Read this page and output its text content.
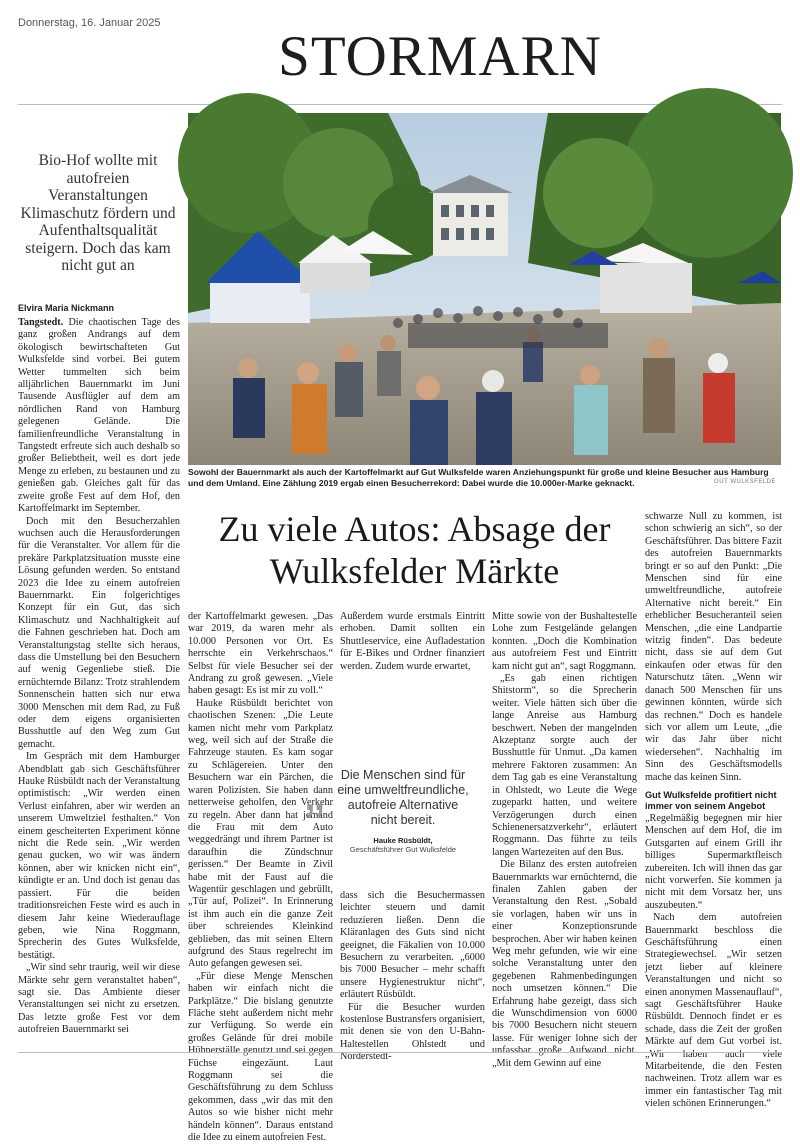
Donnerstag, 16. Januar 2025
STORMARN
Bio-Hof wollte mit autofreien Veranstaltungen Klimaschutz fördern und Aufenthaltsqualität steigern. Doch das kam nicht gut an
Elvira Maria Nickmann

Tangstedt. Die chaotischen Tage des ganz großen Andrangs auf dem ökologisch bewirtschafteten Gut Wulksfelde sind vorbei. Bei gutem Wetter tummelten sich beim alljährlichen Bauernmarkt im Juni Tausende Ausflügler auf dem am nördlichen Rand von Hamburg gelegenen Gelände. Die familienfreundliche Veranstaltung in Tangstedt erfreute sich auch deshalb so großer Beliebtheit, weil es dort jede Menge zu erleben, zu bestaunen und zu genießen gab. Gleiches galt für das zweite große Fest auf dem Hof, den Kartoffelmarkt im September.

Doch mit den Besucherzahlen wuchsen auch die Herausforderungen für die Veranstalter. Vor allem für die prekäre Parkplatzsituation musste eine Lösung gefunden werden. So entstand 2023 die Idee zu einem autofreien Bauernmarkt. Ein folgerichtiges Konzept für ein Gut, das sich Klimaschutz und Nachhaltigkeit auf die Fahnen geschrieben hat. Doch am Veranstaltungstag stellte sich heraus, dass die Umstellung bei den Besuchern auf wenig Gegenliebe stieß. Die ernüchternde Bilanz: Trotz strahlendem Sonnenschein hatten sich nur etwa 3000 Menschen mit dem Rad, zu Fuß oder dem eigens organisierten Busshuttle auf den Weg zum Gut gemacht.

Im Gespräch mit dem Hamburger Abendblatt gab sich Geschäftsführer Hauke Rüsbüldt nach der Veranstaltung optimistisch: „Wir werden einen Verlust einfahren, aber wir werden an unserem Umweltziel festhalten.“ Von einem gescheiterten Experiment könne nicht die Rede sein. „Wir werden genau gucken, wo wir was ändern können, aber wir knicken nicht ein“, kündigte er an. Und doch ist genau das passiert. Für die beiden traditionsreichen Feste wird es auch in diesem Jahr keine Wiederauflage geben, wie Nina Roggmann, Sprecherin des Gutes Wulksfelde, bestätigt.

„Wir sind sehr traurig, weil wir diese Märkte sehr gern veranstaltet haben“, sagt sie. Das Ambiente dieser Veranstaltungen sei nicht zu ersetzen. Das letzte große Fest vor dem autofreien Bauernmarkt sei

Sowohl der Bauernmarkt als auch der Kartoffelmarkt auf Gut Wulksfelde waren Anziehungspunkt für große und kleine Besucher aus Hamburg und dem Umland. Eine Zählung 2019 ergab einen Besucherrekord: Dabei wurde die 10.000er-Marke geknackt.	GUT WULKSFELDE
Zu viele Autos: Absage der Wulksfelder Märkte

der Kartoffelmarkt gewesen. „Das war 2019, da waren mehr als 10.000 Personen vor Ort. Es herrschte ein Verkehrschaos.“ Selbst für viele Besucher sei der Andrang zu groß gewesen. „Viele haben gesagt: Es ist mir zu voll.“

Hauke Rüsbüldt berichtet von chaotischen Szenen: „Die Leute kamen nicht mehr vom Parkplatz weg, weil sich auf der Straße die Fahrzeuge stauten. Es kam sogar zu Schlägereien. Unter den Besuchern war ein Pärchen, die waren Polizisten. Sie haben dann netterweise geholfen, den Verkehr zu regeln. Aber dann hat jemand die Frau mit dem Auto weggedrängt und ihrem Partner ist daraufhin die Zündschnur gerissen.“ Der Beamte in Zivil habe mit der Faust auf die Wagentür geschlagen und gebrüllt, „Tür auf, Polizei“. In Erinnerung ist ihm auch ein die ganze Zeit über schreiendes Kleinkind geblieben, das mit seinen Eltern aufgrund des Staus regelrecht im Auto gefangen gewesen sei.

„Für diese Menge Menschen haben wir einfach nicht die Parkplätze.“ Die bislang genutzte Fläche steht außerdem nicht mehr zur Verfügung. So werde ein großes Gelände für drei mobile Hühnerställe genutzt und sei gegen Füchse eingezäunt. Laut Roggmann sei die Geschäftsführung zu dem Schluss gekommen, dass „wir das mit den Autos so wie bisher nicht mehr händeln können“. Daraus entstand die Idee zu einem autofreien Fest.

Außerdem wurde erstmals Eintritt erhoben. Damit sollten ein Shuttleservice, eine Aufladestation für E-Bikes und Ordner finanziert werden. Zudem wurde erwartet,

„	Die Menschen sind für eine umweltfreundliche, autofreie Alternative nicht bereit.
Hauke Rüsbüldt,
Geschäftsführer Gut Wulksfelde

dass sich die Besuchermassen leichter steuern und damit reduzieren ließen. Denn die Kläranlagen des Guts sind nicht geeignet, die Fäkalien von 10.000 Besuchern zu verarbeiten. „6000 bis 7000 Besucher – mehr schafft unsere Hygienestruktur nicht“, erläutert Rüsbüldt.

Für die Besucher wurden kostenlose Bustransfers organisiert, mit denen sie von den U-Bahn-Haltestellen Ohlstedt und Norderstedt-

Mitte sowie von der Bushaltestelle Lohe zum Festgelände gelangen konnten. „Doch die Kombination aus autofreiem Fest und Eintritt kam nicht gut an“, sagt Roggmann.

„Es gab einen richtigen Shitstorm“, so die Sprecherin weiter. Viele hätten sich über die lange Anreise aus Hamburg beschwert. Neben der mangelnden Akzeptanz sorgte auch der Busshuttle für Unmut. „Da kamen mehrere Faktoren zusammen: An dem Tag gab es eine Veranstaltung in Ohlstedt, wo Leute die Wege zugeparkt hatten, und weitere Verzögerungen durch einen Schienenersatzverkehr“, erläutert Roggmann. Das führte zu teils langen Wartezeiten auf den Bus.

Die Bilanz des ersten autofreien Bauernmarkts war ernüchternd, die finalen Zahlen gaben der Veranstaltung den Rest. „Sobald sie vorlagen, haben wir uns in einer Konzeptionsrunde besprochen. Aber wir haben keinen Weg mehr gefunden, wie wir eine solche Veranstaltung unter den gegebenen Rahmenbedingungen noch umsetzen können.“ Die Erfahrung habe gezeigt, dass sich die Wunschdimension von 6000 bis 7000 Besuchern nicht steuern lasse. Für weniger lohne sich der unfassbar große Aufwand nicht. „Mit dem Gewinn auf eine

schwarze Null zu kommen, ist schon schwierig an sich“, so der Geschäftsführer. Das bittere Fazit des autofreien Bauernmarkts bringt er so auf den Punkt: „Die Menschen sind für eine umweltfreundliche, autofreie Alternative nicht bereit.“ Ein erheblicher Besucheranteil seien Menschen, „die eine Landpartie witzig finden“. Das bedeute nicht, dass sie auf dem Gut einkaufen oder etwas für den Naturschutz täten. „Wenn wir danach 500 Menschen für uns gewinnen könnten, würde sich das rechnen.“ Doch es handele sich vor allem um Leute, „die wir das Jahr über nicht wiedersehen“. Nachhaltig im Sinn des Geschäftsmodells mache das keinen Sinn.

Gut Wulksfelde profitiert nicht immer von seinem Angebot

„Regelmäßig begegnen mir hier Menschen auf dem Hof, die im Gutsgarten auf einem Grill ihr billiges Supermarktfleisch zubereiten. Ich will ihnen das gar nicht vorwerfen. Sie kommen ja nicht mit dem Vorsatz her, uns auszubeuten.“

Nach dem autofreien Bauernmarkt beschloss die Geschäftsführung einen Strategiewechsel. „Wir setzen jetzt lieber auf kleinere Veranstaltungen und nicht so einen anonymen Massenauflauf“, sagt Geschäftsführer Hauke Rüsbüldt. Dennoch findet er es schade, dass die Zeit der großen Märkte auf dem Gut vorbei ist. „Wir haben auch viele Mitarbeitende, die den Festen nachweinen. Trotz allem war es immer ein fantastischer Tag mit vielen schönen Erinnerungen.“
